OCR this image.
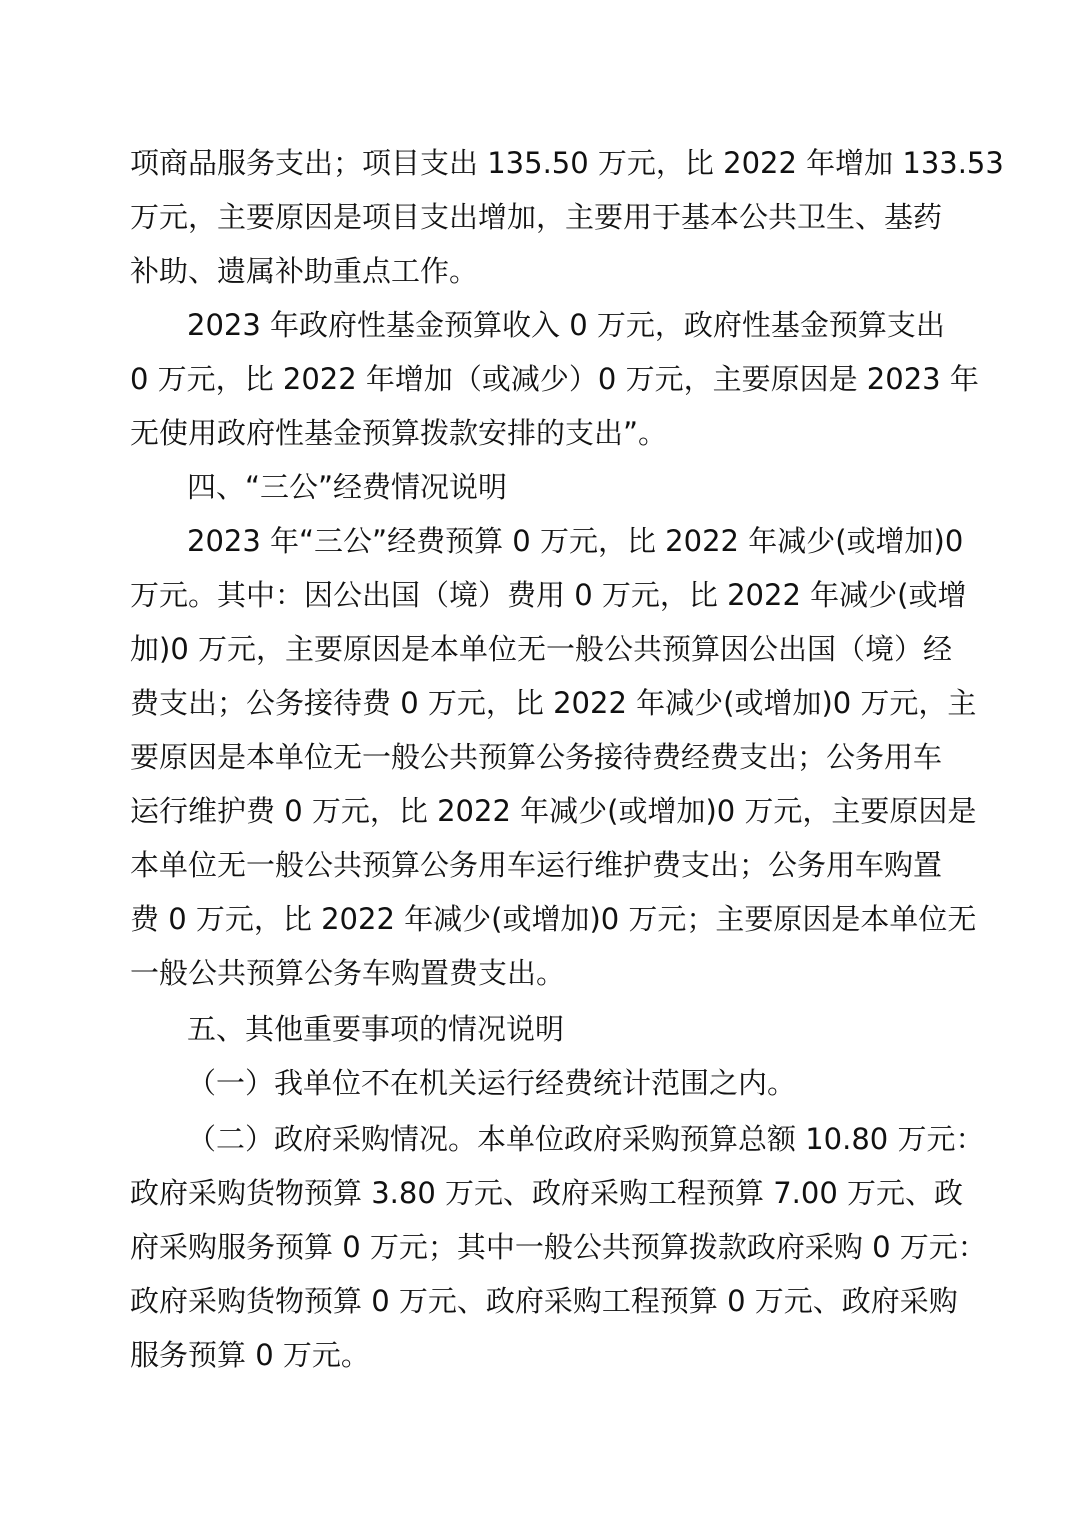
项商品服务支出；项目支出 135.50 万元，比 2022 年增加 133.53
万元，主要原因是项目支出增加，主要用于基本公共卫生、基药
补助、遗属补助重点工作。
2023 年政府性基金预算收入 0 万元，政府性基金预算支出
0 万元，比 2022 年增加（或减少）0 万元，主要原因是 2023 年
无使用政府性基金预算拨款安排的支出”。
四、“三公”经费情况说明
2023 年“三公”经费预算 0 万元，比 2022 年减少(或增加)0
万元。其中：因公出国（境）费用 0 万元，比 2022 年减少(或增
加)0 万元，主要原因是本单位无一般公共预算因公出国（境）经
费支出；公务接待费 0 万元，比 2022 年减少(或增加)0 万元，主
要原因是本单位无一般公共预算公务接待费经费支出；公务用车
运行维护费 0 万元，比 2022 年减少(或增加)0 万元，主要原因是
本单位无一般公共预算公务用车运行维护费支出；公务用车购置
费 0 万元，比 2022 年减少(或增加)0 万元；主要原因是本单位无
一般公共预算公务车购置费支出。
五、其他重要事项的情况说明
（一）我单位不在机关运行经费统计范围之内。
（二）政府采购情况。本单位政府采购预算总额 10.80 万元：
政府采购货物预算 3.80 万元、政府采购工程预算 7.00 万元、政
府采购服务预算 0 万元；其中一般公共预算拨款政府采购 0 万元：
政府采购货物预算 0 万元、政府采购工程预算 0 万元、政府采购
服务预算 0 万元。
